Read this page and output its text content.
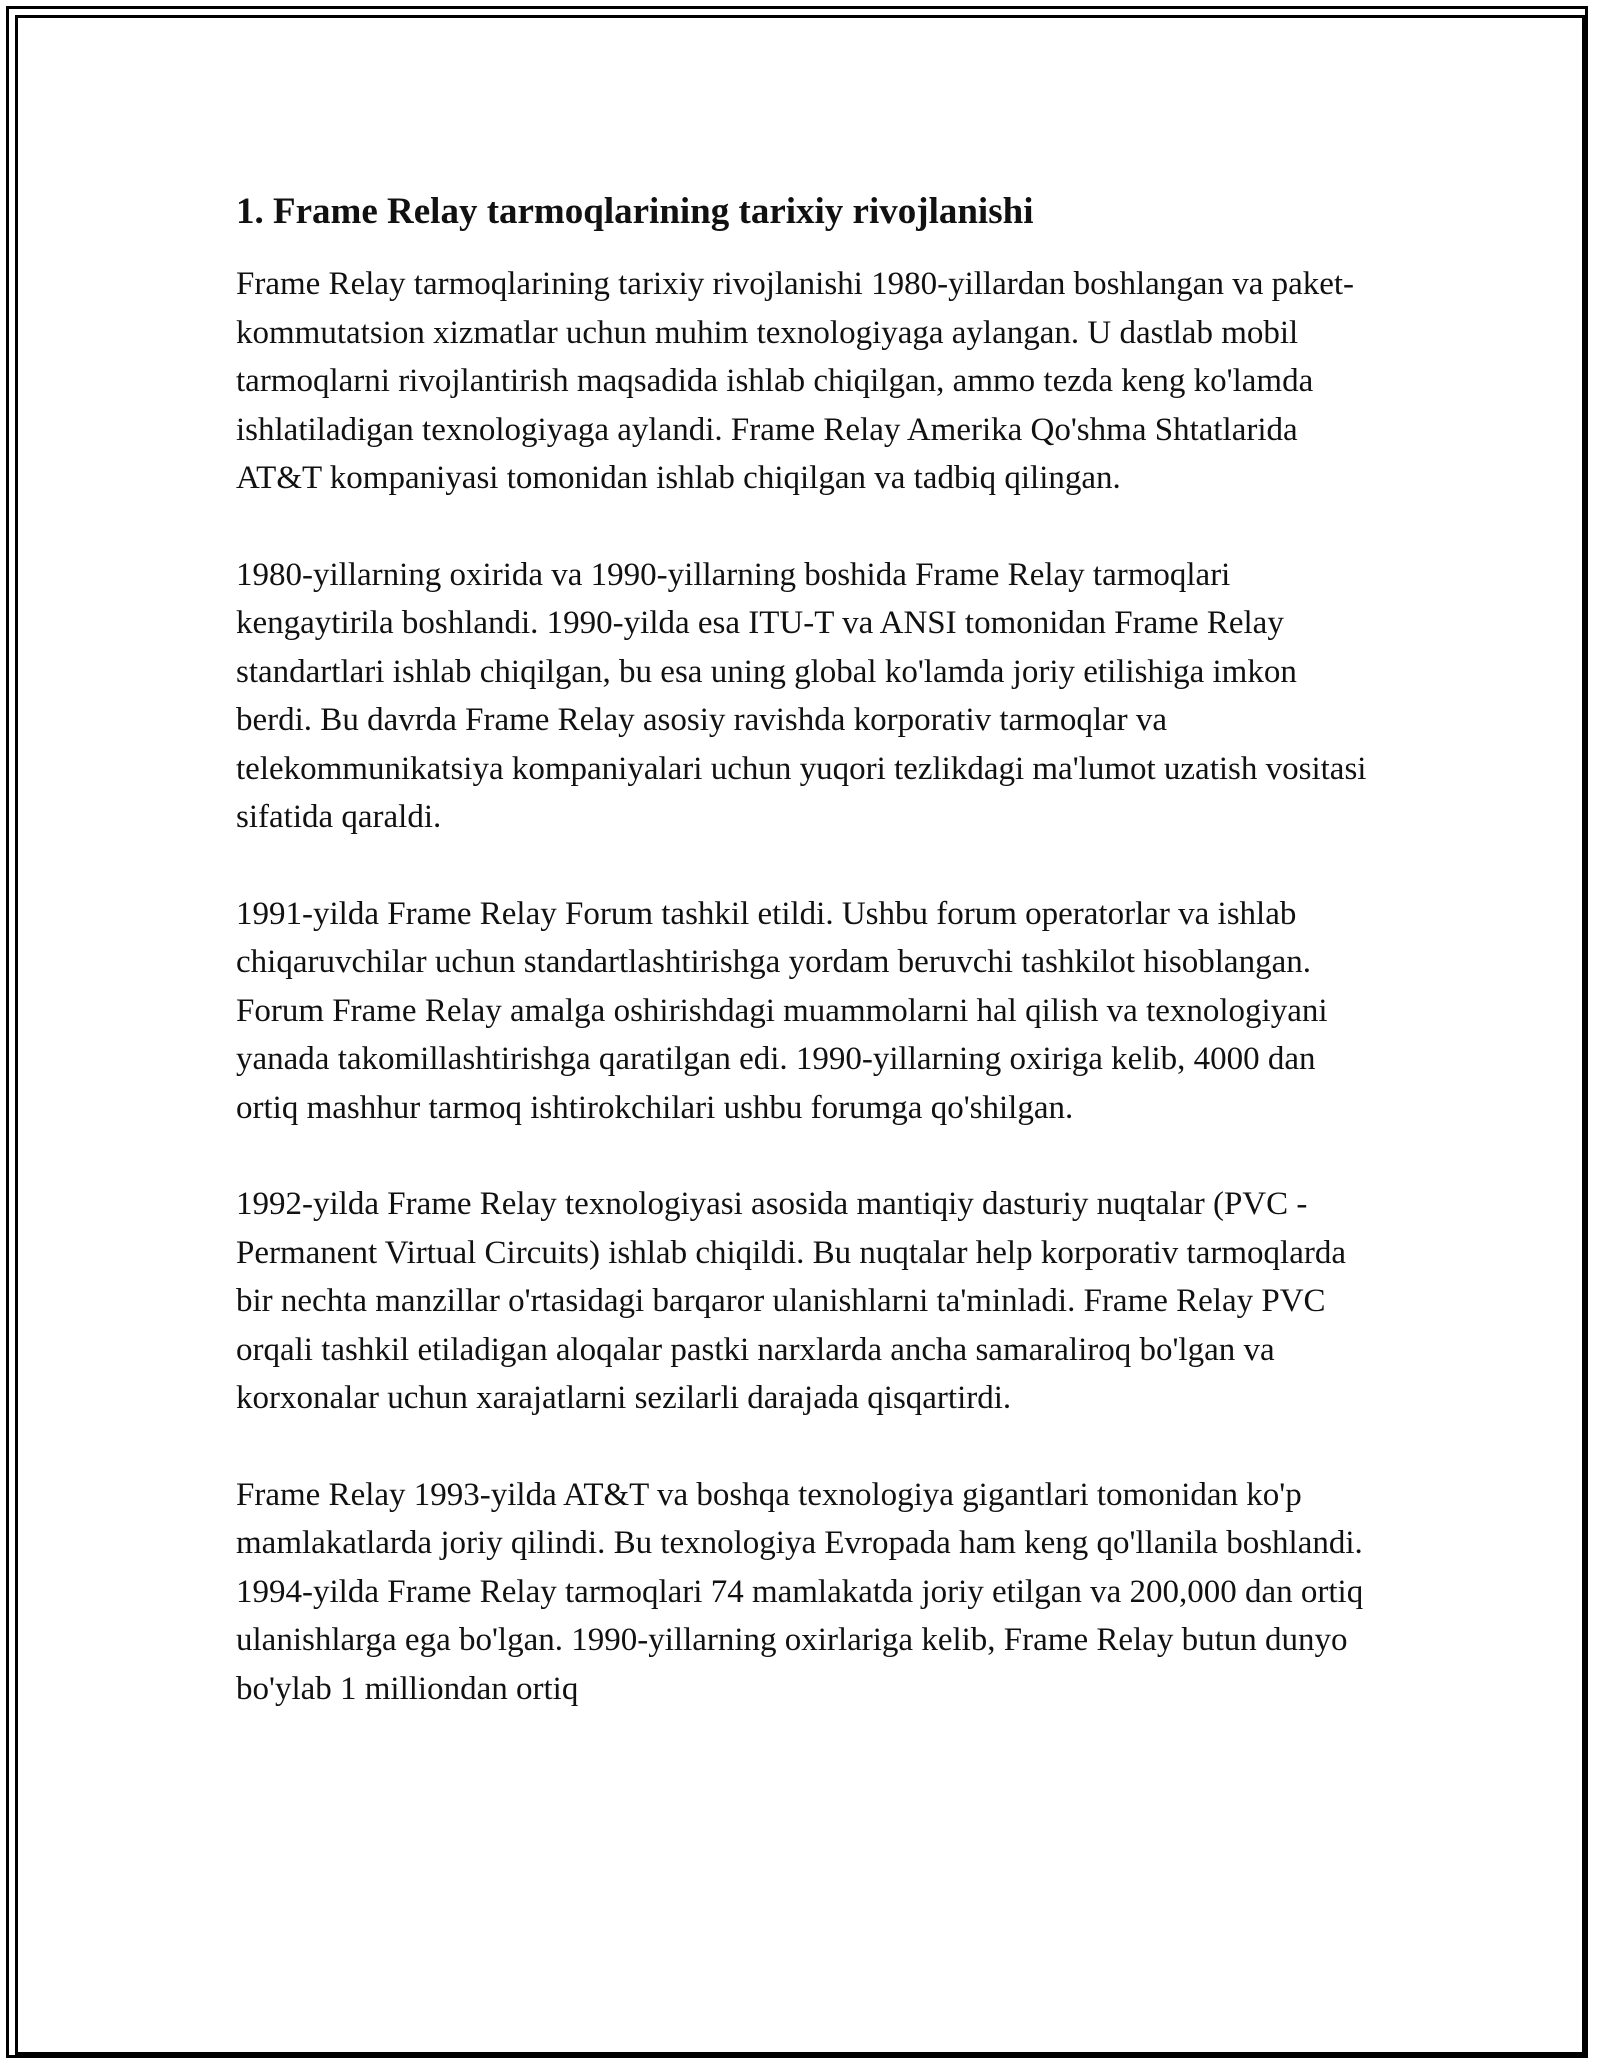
1. Frame Relay tarmoqlarining tarixiy rivojlanishi

Frame Relay tarmoqlarining tarixiy rivojlanishi 1980-yillardan boshlangan va paket-kommutatsion xizmatlar uchun muhim texnologiyaga aylangan. U dastlab mobil tarmoqlarni rivojlantirish maqsadida ishlab chiqilgan, ammo tezda keng ko'lamda ishlatiladigan texnologiyaga aylandi. Frame Relay Amerika Qo'shma Shtatlarida AT&T kompaniyasi tomonidan ishlab chiqilgan va tadbiq qilingan.

1980-yillarning oxirida va 1990-yillarning boshida Frame Relay tarmoqlari kengaytirila boshlandi. 1990-yilda esa ITU-T va ANSI tomonidan Frame Relay standartlari ishlab chiqilgan, bu esa uning global ko'lamda joriy etilishiga imkon berdi. Bu davrda Frame Relay asosiy ravishda korporativ tarmoqlar va telekommunikatsiya kompaniyalari uchun yuqori tezlikdagi ma'lumot uzatish vositasi sifatida qaraldi.

1991-yilda Frame Relay Forum tashkil etildi. Ushbu forum operatorlar va ishlab chiqaruvchilar uchun standartlashtirishga yordam beruvchi tashkilot hisoblangan. Forum Frame Relay amalga oshirishdagi muammolarni hal qilish va texnologiyani yanada takomillashtirishga qaratilgan edi. 1990-yillarning oxiriga kelib, 4000 dan ortiq mashhur tarmoq ishtirokchilari ushbu forumga qo'shilgan.

1992-yilda Frame Relay texnologiyasi asosida mantiqiy dasturiy nuqtalar (PVC - Permanent Virtual Circuits) ishlab chiqildi. Bu nuqtalar help korporativ tarmoqlarda bir nechta manzillar o'rtasidagi barqaror ulanishlarni ta'minladi. Frame Relay PVC orqali tashkil etiladigan aloqalar pastki narxlarda ancha samaraliroq bo'lgan va korxonalar uchun xarajatlarni sezilarli darajada qisqartirdi.

Frame Relay 1993-yilda AT&T va boshqa texnologiya gigantlari tomonidan ko'p mamlakatlarda joriy qilindi. Bu texnologiya Evropada ham keng qo'llanila boshlandi. 1994-yilda Frame Relay tarmoqlari 74 mamlakatda joriy etilgan va 200,000 dan ortiq ulanishlarga ega bo'lgan. 1990-yillarning oxirlariga kelib, Frame Relay butun dunyo bo'ylab 1 milliondan ortiq
